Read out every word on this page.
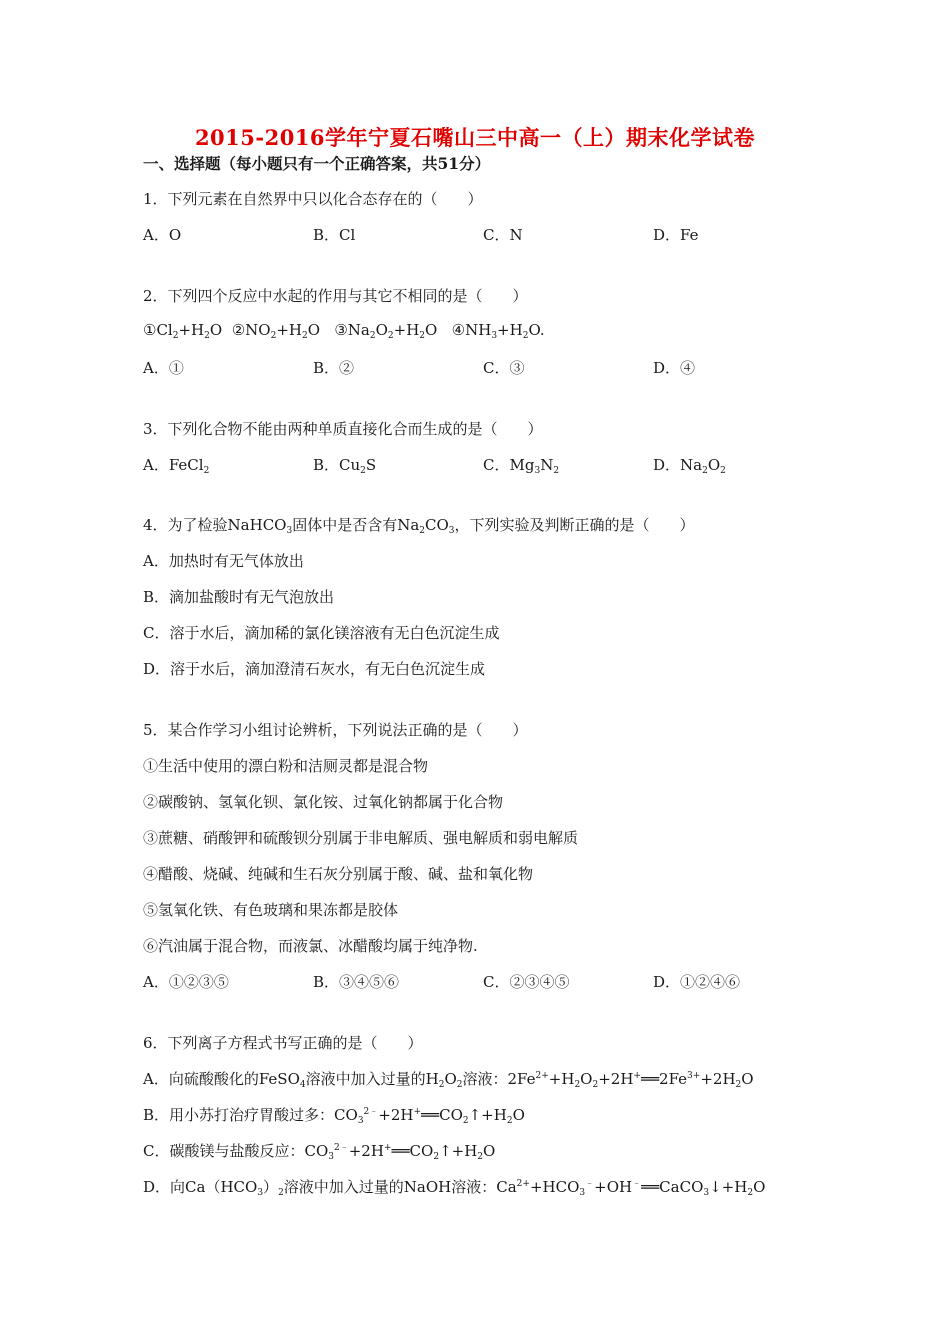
2015-2016学年宁夏石嘴山三中高一（上）期末化学试卷
一、选择题（每小题只有一个正确答案，共51分）
1．下列元素在自然界中只以化合态存在的（　　）
A．O	B．Cl	C．N	D．Fe
2．下列四个反应中水起的作用与其它不相同的是（　　）
$①Cl_2+H_2O$ $②NO_2+H_2O$ $③Na_2O_2+H_2O$ $④NH_3+H_2O$.
A．①	B．②	C．③	D．④
3．下列化合物不能由两种单质直接化合而生成的是（　　）
A．FeCl$_2$	B．$Cu_2S$	C．$Mg_3N_2$	D．$Na_2O_2$
4．为了检验NaHCO$_3$固体中是否含有$Na_2CO_3$，下列实验及判断正确的是（　　）
A．加热时有无气体放出
B．滴加盐酸时有无气泡放出
C．溶于水后，滴加稀的氯化镁溶液有无白色沉淀生成
D．溶于水后，滴加澄清石灰水，有无白色沉淀生成
5．某合作学习小组讨论辨析，下列说法正确的是（　　）
①生活中使用的漂白粉和洁厕灵都是混合物
②碳酸钠、氢氧化钡、氯化铵、过氧化钠都属于化合物
③蔗糖、硝酸钾和硫酸钡分别属于非电解质、强电解质和弱电解质
④醋酸、烧碱、纯碱和生石灰分别属于酸、碱、盐和氧化物
⑤氢氧化铁、有色玻璃和果冻都是胶体
⑥汽油属于混合物，而液氯、冰醋酸均属于纯净物.
A．①②③⑤	B．③④⑤⑥	C．②③④⑤	D．①②④⑥
6．下列离子方程式书写正确的是（　　）
A．向硫酸酸化的FeSO$_4$溶液中加入过量的$H_2O_2$溶液：$2Fe^{2+}+H_2O_2+2H^+══2Fe^{3+}+2H_2O$
B．用小苏打治疗胃酸过多：$CO_3^{2﹣}+2H^+══CO_2↑+H_2O$
C．碳酸镁与盐酸反应：$CO_3^{2﹣}+2H^+══CO_2↑+H_2O$
D．向$Ca(HCO_3)_2$溶液中加入过量的NaOH溶液：$Ca^{2+}+HCO_3^﹣+OH^﹣══CaCO_3↓+H_2O$
